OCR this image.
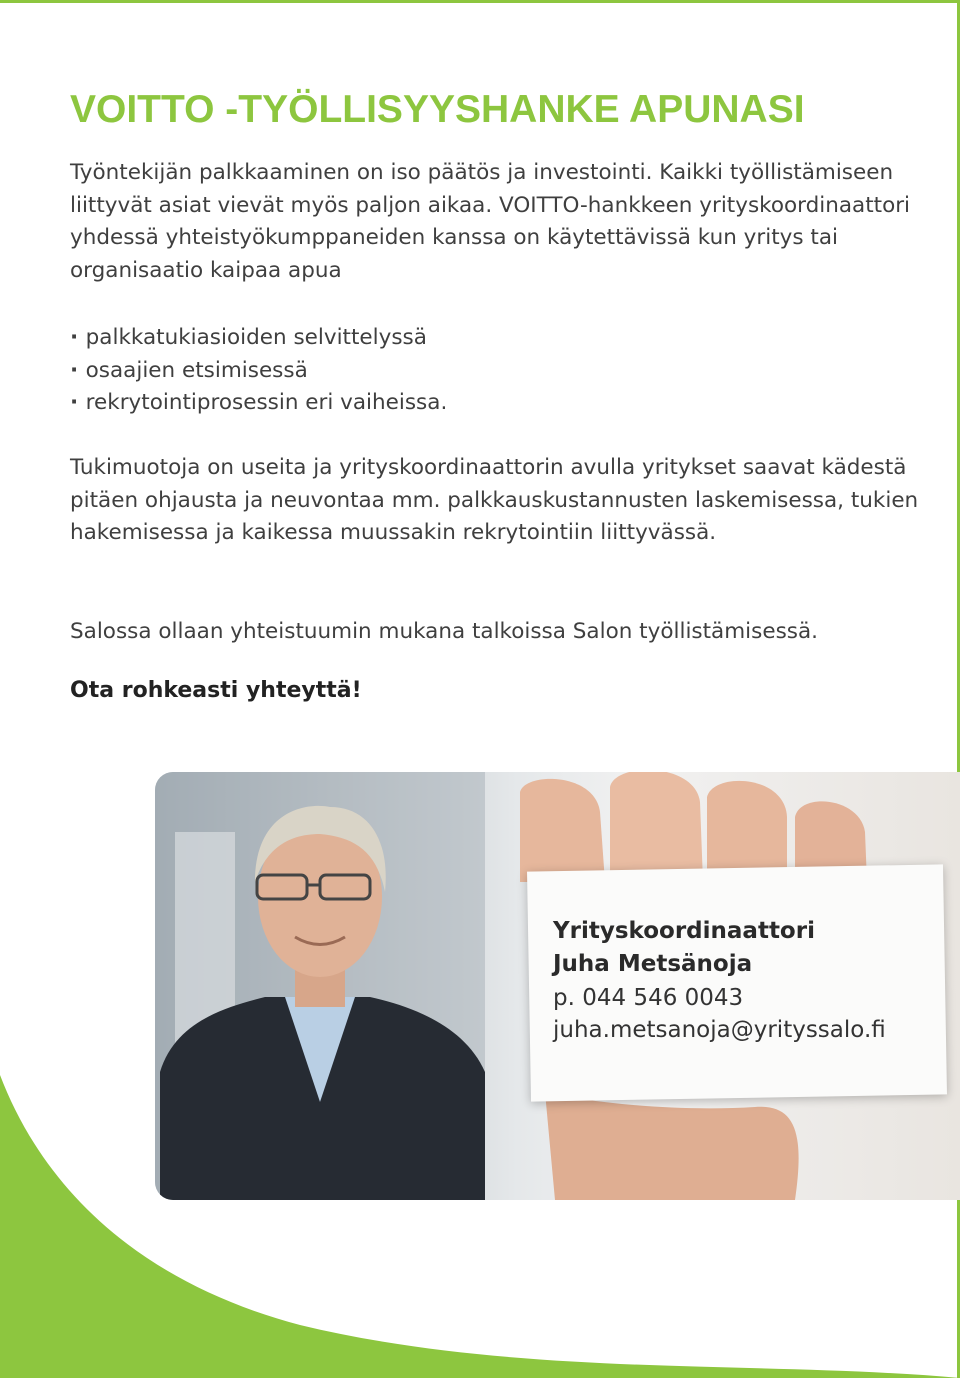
VOITTO -TYÖLLISYYSHANKE APUNASI

Työntekijän palkkaaminen on iso päätös ja investointi. Kaikki työllistämiseen liittyvät asiat vievät myös paljon aikaa. VOITTO-hankkeen yrityskoordinaattori yhdessä yhteistyökumppaneiden kanssa on käytettävissä kun yritys tai organisaatio kaipaa apua

· palkkatukiasioiden selvittelyssä
· osaajien etsimisessä
· rekrytointiprosessin eri vaiheissa.

Tukimuotoja on useita ja yrityskoordinaattorin avulla yritykset saavat kädestä pitäen ohjausta ja neuvontaa mm. palkkauskustannusten laskemisessa, tukien hakemisessa ja kaikessa muussakin rekrytointiin liittyvässä.

Salossa ollaan yhteistuumin mukana talkoissa Salon työllistämisessä.

Ota rohkeasti yhteyttä!

Yrityskoordinaattori

Juha Metsänoja

p. 044 546 0043

juha.metsanoja@yrityssalo.fi
